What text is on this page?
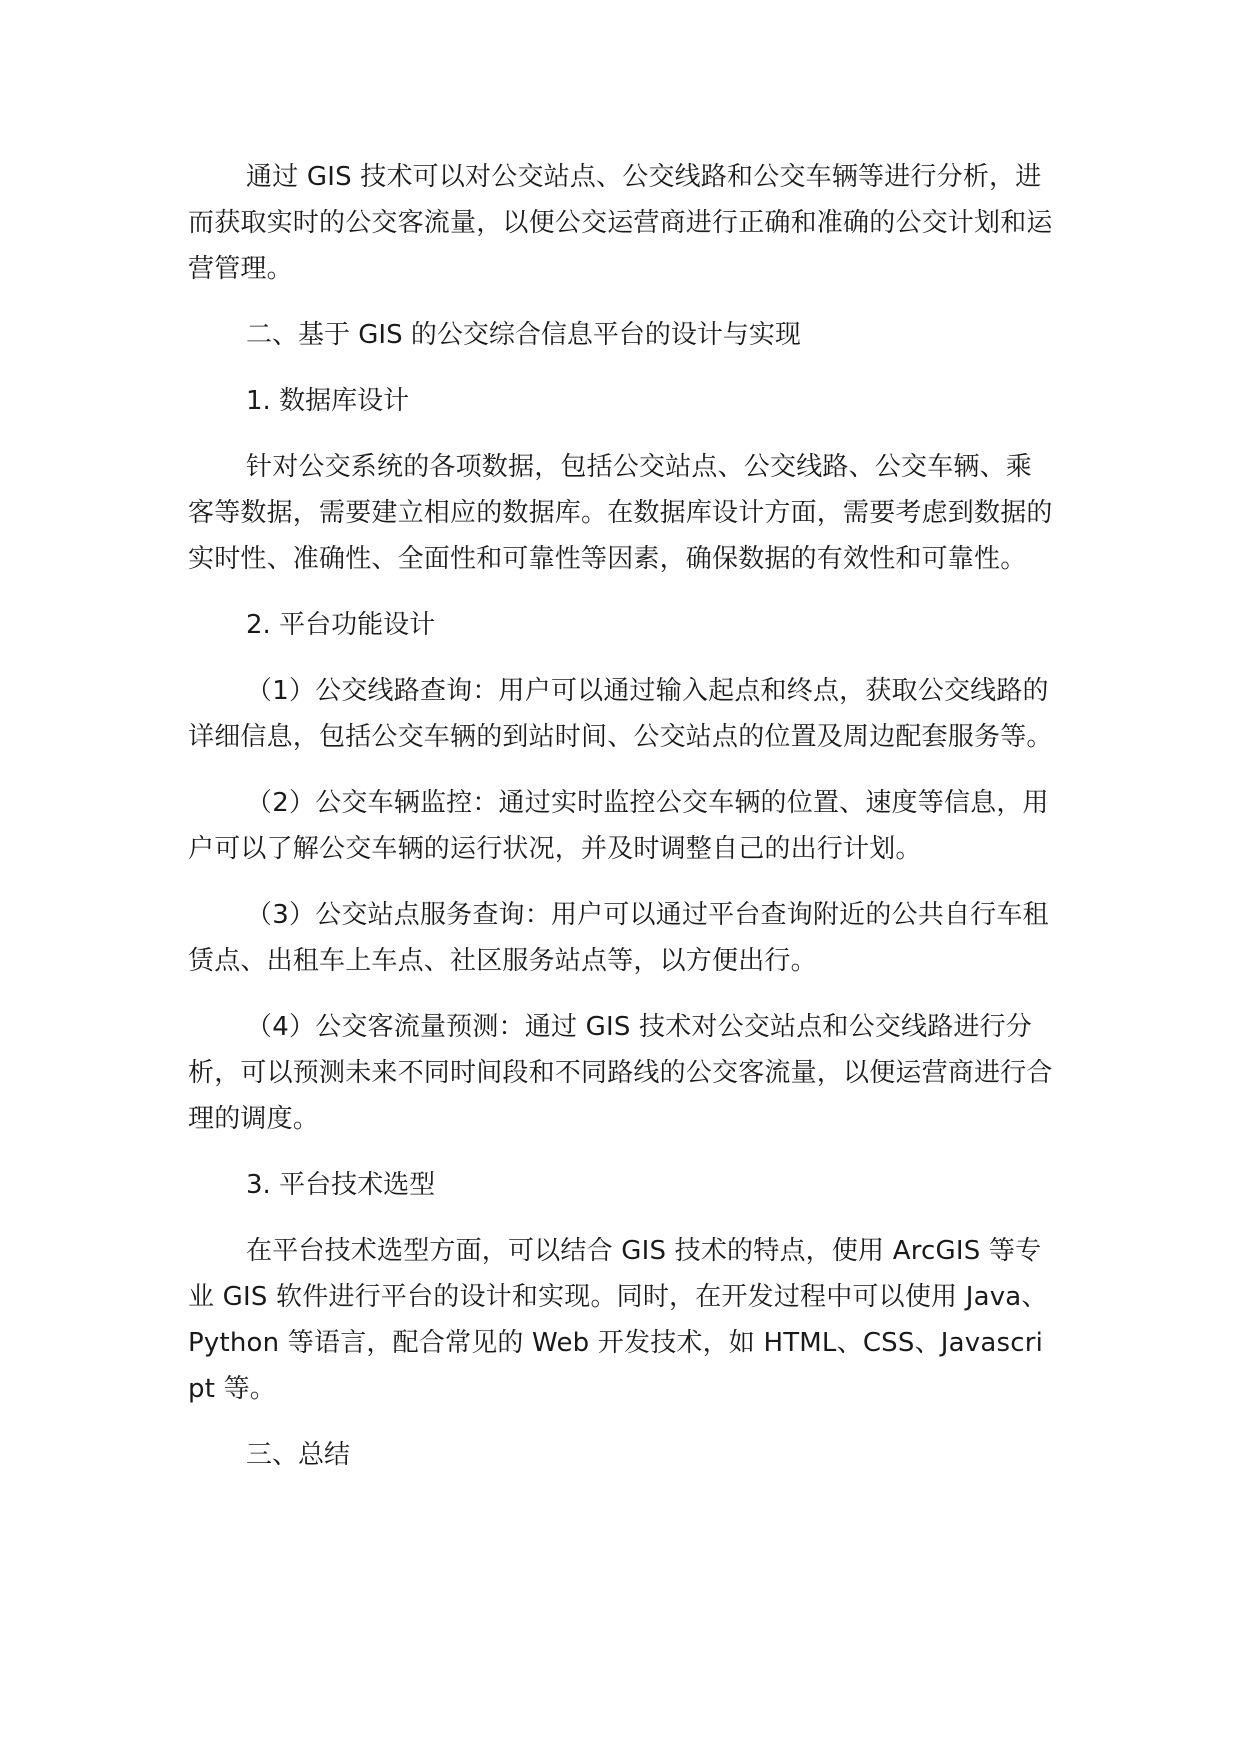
通过 GIS 技术可以对公交站点、公交线路和公交车辆等进行分析，进而获取实时的公交客流量，以便公交运营商进行正确和准确的公交计划和运营管理。

二、基于 GIS 的公交综合信息平台的设计与实现

1. 数据库设计

针对公交系统的各项数据，包括公交站点、公交线路、公交车辆、乘客等数据，需要建立相应的数据库。在数据库设计方面，需要考虑到数据的实时性、准确性、全面性和可靠性等因素，确保数据的有效性和可靠性。

2. 平台功能设计

（1）公交线路查询：用户可以通过输入起点和终点，获取公交线路的详细信息，包括公交车辆的到站时间、公交站点的位置及周边配套服务等。

（2）公交车辆监控：通过实时监控公交车辆的位置、速度等信息，用户可以了解公交车辆的运行状况，并及时调整自己的出行计划。

（3）公交站点服务查询：用户可以通过平台查询附近的公共自行车租赁点、出租车上车点、社区服务站点等，以方便出行。

（4）公交客流量预测：通过 GIS 技术对公交站点和公交线路进行分析，可以预测未来不同时间段和不同路线的公交客流量，以便运营商进行合理的调度。

3. 平台技术选型

在平台技术选型方面，可以结合 GIS 技术的特点，使用 ArcGIS 等专业 GIS 软件进行平台的设计和实现。同时，在开发过程中可以使用 Java、Python 等语言，配合常见的 Web 开发技术，如 HTML、CSS、Javascript 等。

三、总结
